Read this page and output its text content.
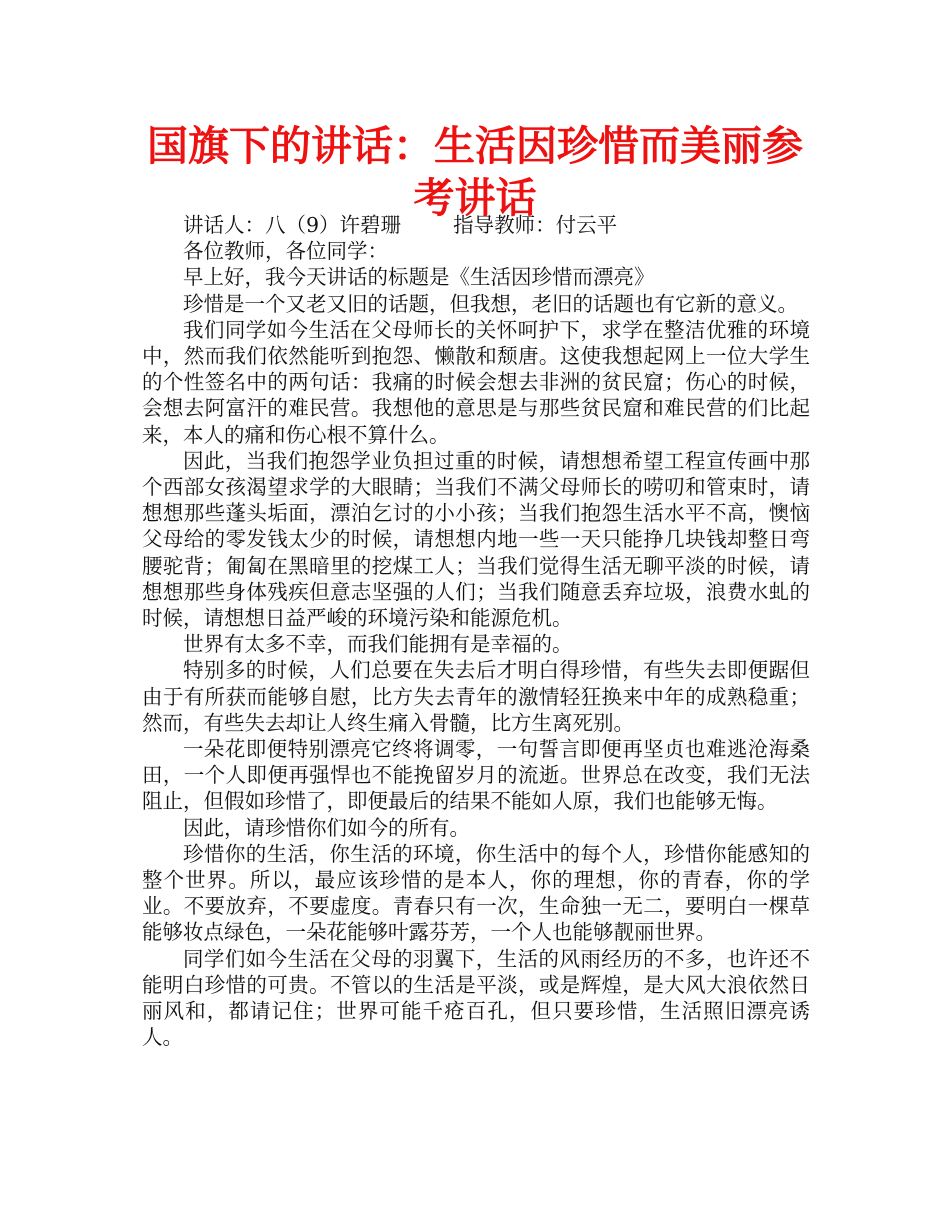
国旗下的讲话：生活因珍惜而美丽参考讲话

讲话人：八（9）许碧珊        指导教师：付云平

各位教师，各位同学：

早上好，我今天讲话的标题是《生活因珍惜而漂亮》

珍惜是一个又老又旧的话题，但我想，老旧的话题也有它新的意义。

我们同学如今生活在父母师长的关怀呵护下，求学在整洁优雅的环境中，然而我们依然能听到抱怨、懒散和颓唐。这使我想起网上一位大学生的个性签名中的两句话：我痛的时候会想去非洲的贫民窟；伤心的时候，会想去阿富汗的难民营。我想他的意思是与那些贫民窟和难民营的们比起来，本人的痛和伤心根不算什么。

因此，当我们抱怨学业负担过重的时候，请想想希望工程宣传画中那个西部女孩渴望求学的大眼睛；当我们不满父母师长的唠叨和管束时，请想想那些蓬头垢面，漂泊乞讨的小小孩；当我们抱怨生活水平不高，懊恼父母给的零发钱太少的时候，请想想内地一些一天只能挣几块钱却整日弯腰驼背；匍匐在黑暗里的挖煤工人；当我们觉得生活无聊平淡的时候，请想想那些身体残疾但意志坚强的人们；当我们随意丢弃垃圾，浪费水虬的时候，请想想日益严峻的环境污染和能源危机。

世界有太多不幸，而我们能拥有是幸福的。

特别多的时候，人们总要在失去后才明白得珍惜，有些失去即便踞但由于有所获而能够自慰，比方失去青年的激情轻狂换来中年的成熟稳重；然而，有些失去却让人终生痛入骨髓，比方生离死别。

一朵花即便特别漂亮它终将调零，一句誓言即便再坚贞也难逃沧海桑田，一个人即便再强悍也不能挽留岁月的流逝。世界总在改变，我们无法阻止，但假如珍惜了，即便最后的结果不能如人原，我们也能够无悔。

因此，请珍惜你们如今的所有。

珍惜你的生活，你生活的环境，你生活中的每个人，珍惜你能感知的整个世界。所以，最应该珍惜的是本人，你的理想，你的青春，你的学业。不要放弃，不要虚度。青春只有一次，生命独一无二，要明白一棵草能够妆点绿色，一朵花能够叶露芬芳，一个人也能够靓丽世界。

同学们如今生活在父母的羽翼下，生活的风雨经历的不多，也许还不能明白珍惜的可贵。不管以的生活是平淡，或是辉煌，是大风大浪依然日丽风和，都请记住；世界可能千疮百孔，但只要珍惜，生活照旧漂亮诱人。
